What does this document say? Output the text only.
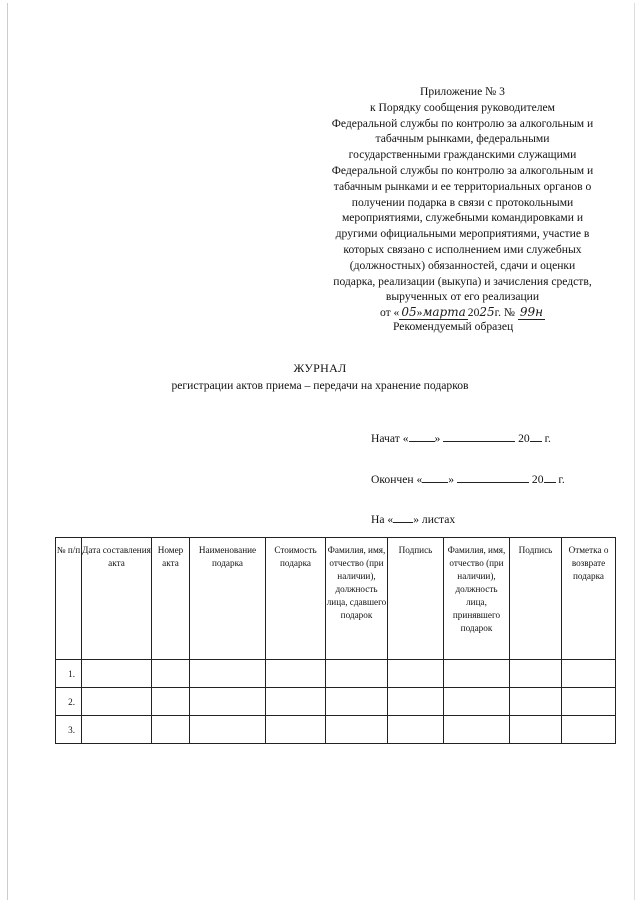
Приложение № 3
к Порядку сообщения руководителем
Федеральной службы по контролю за алкогольным и
табачным рынками, федеральными
государственными гражданскими служащими
Федеральной службы по контролю за алкогольным и
табачным рынками и ее территориальных органов о
получении подарка в связи с протокольными
мероприятиями, служебными командировками и
другими официальными мероприятиями, участие в
которых связано с исполнением ими служебных
(должностных) обязанностей, сдачи и оценки
подарка, реализации (выкупа) и зачисления средств,
вырученных от его реализации
от « 05»марта 2025г. № 99н
Рекомендуемый образец
ЖУРНАЛ
регистрации актов приема – передачи на хранение подарков
Начат « »	20 г.
Окончен « »	20 г.
На « » листах
№ п/п	Дата составления акта	Номер акта	Наименование подарка	Стоимость подарка	Фамилия, имя, отчество (при наличии), должность лица, сдавшего подарок	Подпись	Фамилия, имя, отчество (при наличии), должность лица, принявшего подарок	Подпись	Отметка о возврате подарка
1.									
2.									
3.									
